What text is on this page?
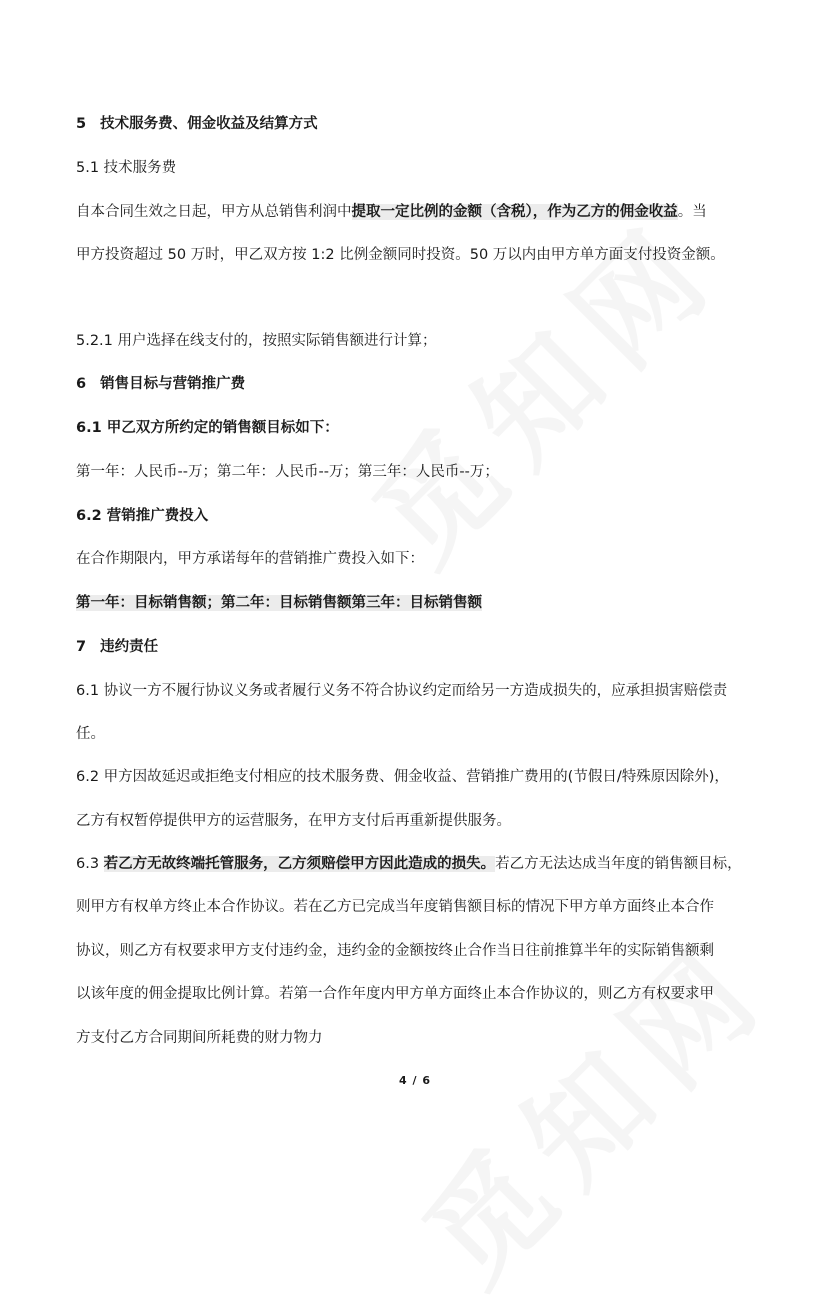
5 技术服务费、佣金收益及结算方式
5.1 技术服务费
自本合同生效之日起，甲方从总销售利润中提取一定比例的金额（含税），作为乙方的佣金收益。当
甲方投资超过 50 万时，甲乙双方按 1:2 比例金额同时投资。50 万以内由甲方单方面支付投资金额。
5.2.1 用户选择在线支付的，按照实际销售额进行计算；
6 销售目标与营销推广费
6.1 甲乙双方所约定的销售额目标如下：
第一年：人民币--万；第二年：人民币--万；第三年：人民币--万；
6.2 营销推广费投入
在合作期限内，甲方承诺每年的营销推广费投入如下：
第一年：目标销售额；第二年：目标销售额第三年：目标销售额
7 违约责任
6.1 协议一方不履行协议义务或者履行义务不符合协议约定而给另一方造成损失的，应承担损害赔偿责
任。
6.2 甲方因故延迟或拒绝支付相应的技术服务费、佣金收益、营销推广费用的(节假日/特殊原因除外)，
乙方有权暂停提供甲方的运营服务，在甲方支付后再重新提供服务。
6.3 若乙方无故终端托管服务，乙方须赔偿甲方因此造成的损失。若乙方无法达成当年度的销售额目标，
则甲方有权单方终止本合作协议。若在乙方已完成当年度销售额目标的情况下甲方单方面终止本合作
协议，则乙方有权要求甲方支付违约金，违约金的金额按终止合作当日往前推算半年的实际销售额剩
以该年度的佣金提取比例计算。若第一合作年度内甲方单方面终止本合作协议的，则乙方有权要求甲
方支付乙方合同期间所耗费的财力物力
4 / 6
